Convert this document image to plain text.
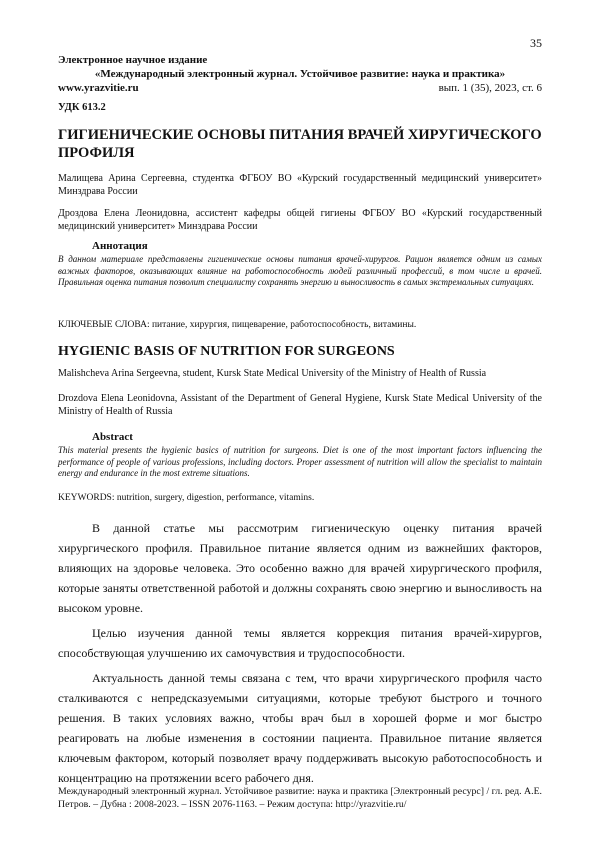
35
Электронное научное издание
«Международный электронный журнал. Устойчивое развитие: наука и практика»
www.yrazvitie.ru	вып. 1 (35), 2023, ст. 6
УДК 613.2
ГИГИЕНИЧЕСКИЕ ОСНОВЫ ПИТАНИЯ ВРАЧЕЙ ХИРУГИЧЕСКОГО ПРОФИЛЯ
Малищева Арина Сергеевна, студентка ФГБОУ ВО «Курский государственный медицинский университет» Минздрава России
Дроздова Елена Леонидовна, ассистент кафедры общей гигиены ФГБОУ ВО «Курский государственный медицинский университет» Минздрава России
Аннотация
В данном материале представлены гигиенические основы питания врачей-хирургов. Рацион является одним из самых важных факторов, оказывающих влияние на работоспособность людей различный профессий, в том числе и врачей. Правильная оценка питания позволит специалисту сохранять энергию и выносливость в самых экстремальных ситуациях.
КЛЮЧЕВЫЕ СЛОВА: питание, хирургия, пищеварение, работоспособность, витамины.
HYGIENIC BASIS OF NUTRITION FOR SURGEONS
Malishcheva Arina Sergeevna, student, Kursk State Medical University of the Ministry of Health of Russia
Drozdova Elena Leonidovna, Assistant of the Department of General Hygiene, Kursk State Medical University of the Ministry of Health of Russia
Abstract
This material presents the hygienic basics of nutrition for surgeons. Diet is one of the most important factors influencing the performance of people of various professions, including doctors. Proper assessment of nutrition will allow the specialist to maintain energy and endurance in the most extreme situations.
KEYWORDS: nutrition, surgery, digestion, performance, vitamins.

В данной статье мы рассмотрим гигиеническую оценку питания врачей хирургического профиля. Правильное питание является одним из важнейших факторов, влияющих на здоровье человека. Это особенно важно для врачей хирургического профиля, которые заняты ответственной работой и должны сохранять свою энергию и выносливость на высоком уровне.

Целью изучения данной темы является коррекция питания врачей-хирургов, способствующая улучшению их самочувствия и трудоспособности.

Актуальность данной темы связана с тем, что врачи хирургического профиля часто сталкиваются с непредсказуемыми ситуациями, которые требуют быстрого и точного решения. В таких условиях важно, чтобы врач был в хорошей форме и мог быстро реагировать на любые изменения в состоянии пациента. Правильное питание является ключевым фактором, который позволяет врачу поддерживать высокую работоспособность и концентрацию на протяжении всего рабочего дня.

Международный электронный журнал. Устойчивое развитие: наука и практика [Электронный ресурс] / гл. ред. А.Е. Петров. – Дубна : 2008-2023. – ISSN 2076-1163. – Режим доступа: http://yrazvitie.ru/
